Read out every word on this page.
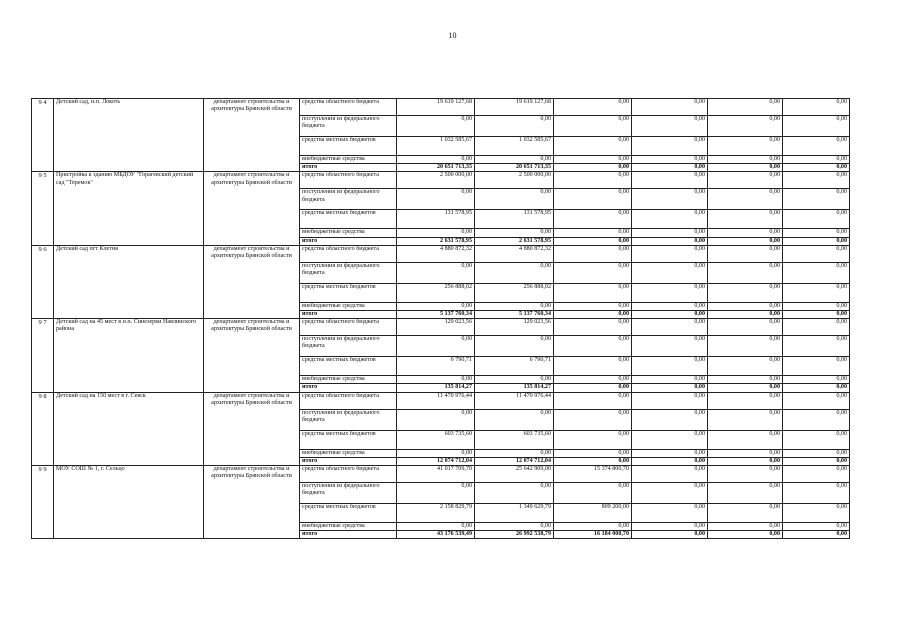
10
9 4	Детский сад, н.п. Локоть	департамент строительства и архитектуры Брянской области	средства областного бюджета	19 619 127,68	19 619 127,68	0,00	0,00	0,00	0,00
			поступления из федерального бюджета	0,00	0,00	0,00	0,00	0,00	0,00
			средства местных бюджетов	1 032 585,67	1 032 585,67	0,00	0,00	0,00	0,00
			внебюджетные средства	0,00	0,00	0,00	0,00	0,00	0,00
			итого	20 651 713,35	20 651 713,35	0,00	0,00	0,00	0,00
9 5	Пристройка к зданию МБДОУ "Горагевский детский сад "Теремок"	департамент строительства и архитектуры Брянской области	средства областного бюджета	2 500 000,00	2 500 000,00	0,00	0,00	0,00	0,00
			поступления из федерального бюджета	0,00	0,00	0,00	0,00	0,00	0,00
			средства местных бюджетов	131 578,95	131 578,95	0,00	0,00	0,00	0,00
			внебюджетные средства	0,00	0,00	0,00	0,00	0,00	0,00
			итого	2 631 578,95	2 631 578,95	0,00	0,00	0,00	0,00
9 6	Детский сад пгт Клетня	департамент строительства и архитектуры Брянской области	средства областного бюджета	4 880 872,32	4 880 872,32	0,00	0,00	0,00	0,00
			поступления из федерального бюджета	0,00	0,00	0,00	0,00	0,00	0,00
			средства местных бюджетов	256 888,02	256 888,02	0,00	0,00	0,00	0,00
			внебюджетные средства	0,00	0,00	0,00	0,00	0,00	0,00
			итого	5 137 760,34	5 137 760,34	0,00	0,00	0,00	0,00
9 7	Детский сад на 45 мест в н.п. Синезерки Навлинского района	департамент строительства и архитектуры Брянской области	средства областного бюджета	129 023,56	129 023,56	0,00	0,00	0,00	0,00
			поступления из федерального бюджета	0,00	0,00	0,00	0,00	0,00	0,00
			средства местных бюджетов	6 790,71	6 790,71	0,00	0,00	0,00	0,00
			внебюджетные средства	0,00	0,00	0,00	0,00	0,00	0,00
			итого	135 814,27	135 814,27	0,00	0,00	0,00	0,00
9 8	Детский сад на 150 мест в г. Севск	департамент строительства и архитектуры Брянской области	средства областного бюджета	11 470 976,44	11 470 976,44	0,00	0,00	0,00	0,00
			поступления из федерального бюджета	0,00	0,00	0,00	0,00	0,00	0,00
			средства местных бюджетов	603 735,60	603 735,60	0,00	0,00	0,00	0,00
			внебюджетные средства	0,00	0,00	0,00	0,00	0,00	0,00
			итого	12 074 712,04	12 074 712,04	0,00	0,00	0,00	0,00
9 9	МОУ СОШ № 1, г. Сельцо	департамент строительства и архитектуры Брянской области	средства областного бюджета	41 017 709,70	25 642 909,00	15 374 800,70	0,00	0,00	0,00
			поступления из федерального бюджета	0,00	0,00	0,00	0,00	0,00	0,00
			средства местных бюджетов	2 158 829,79	1 349 629,79	809 200,00	0,00	0,00	0,00
			внебюджетные средства	0,00	0,00	0,00	0,00	0,00	0,00
			итого	43 176 539,49	26 992 538,79	16 184 000,70	0,00	0,00	0,00
